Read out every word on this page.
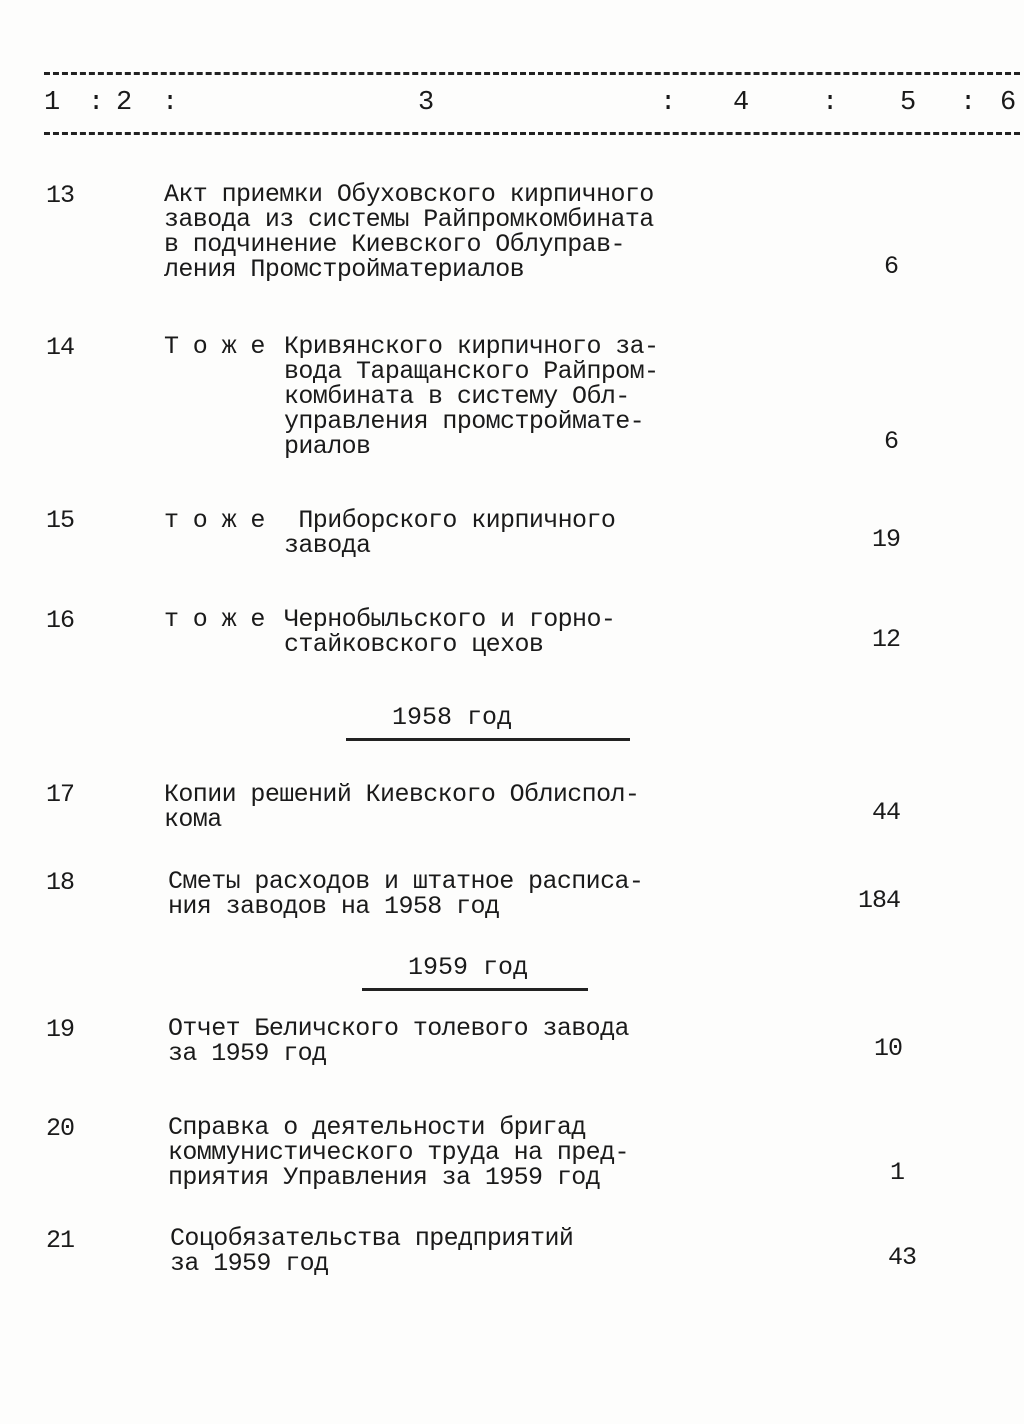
1 : 2 :	3	: 4	: 5 : 6
13	Акт приемки Обуховского кирпичного
завода из системы Райпромкомбината
в подчинение Киевского Облуправ-
ления Промстройматериалов	6
14	Т о ж е Кривянского кирпичного за-
вода Таращанского Райпром-
комбината в систему Обл-
управления промстройматe-
риалов	6
15	т о ж е Приборского кирпичного
завода	19
16	т о ж е Чернобыльского и горно-
стайковского цехов	12
1958 год
17	Копии решений Киевского Облиспол-
кома	44
18	Сметы расходов и штатное расписа-
ния заводов на 1958 год	184
1959 год
19	Отчет Беличского толевого завода
за 1959 год	10
20	Справка о деятельности бригад
коммунистического труда на пред-
приятия Управления за 1959 год	1
21	Соцобязательства предприятий
за 1959 год	43
